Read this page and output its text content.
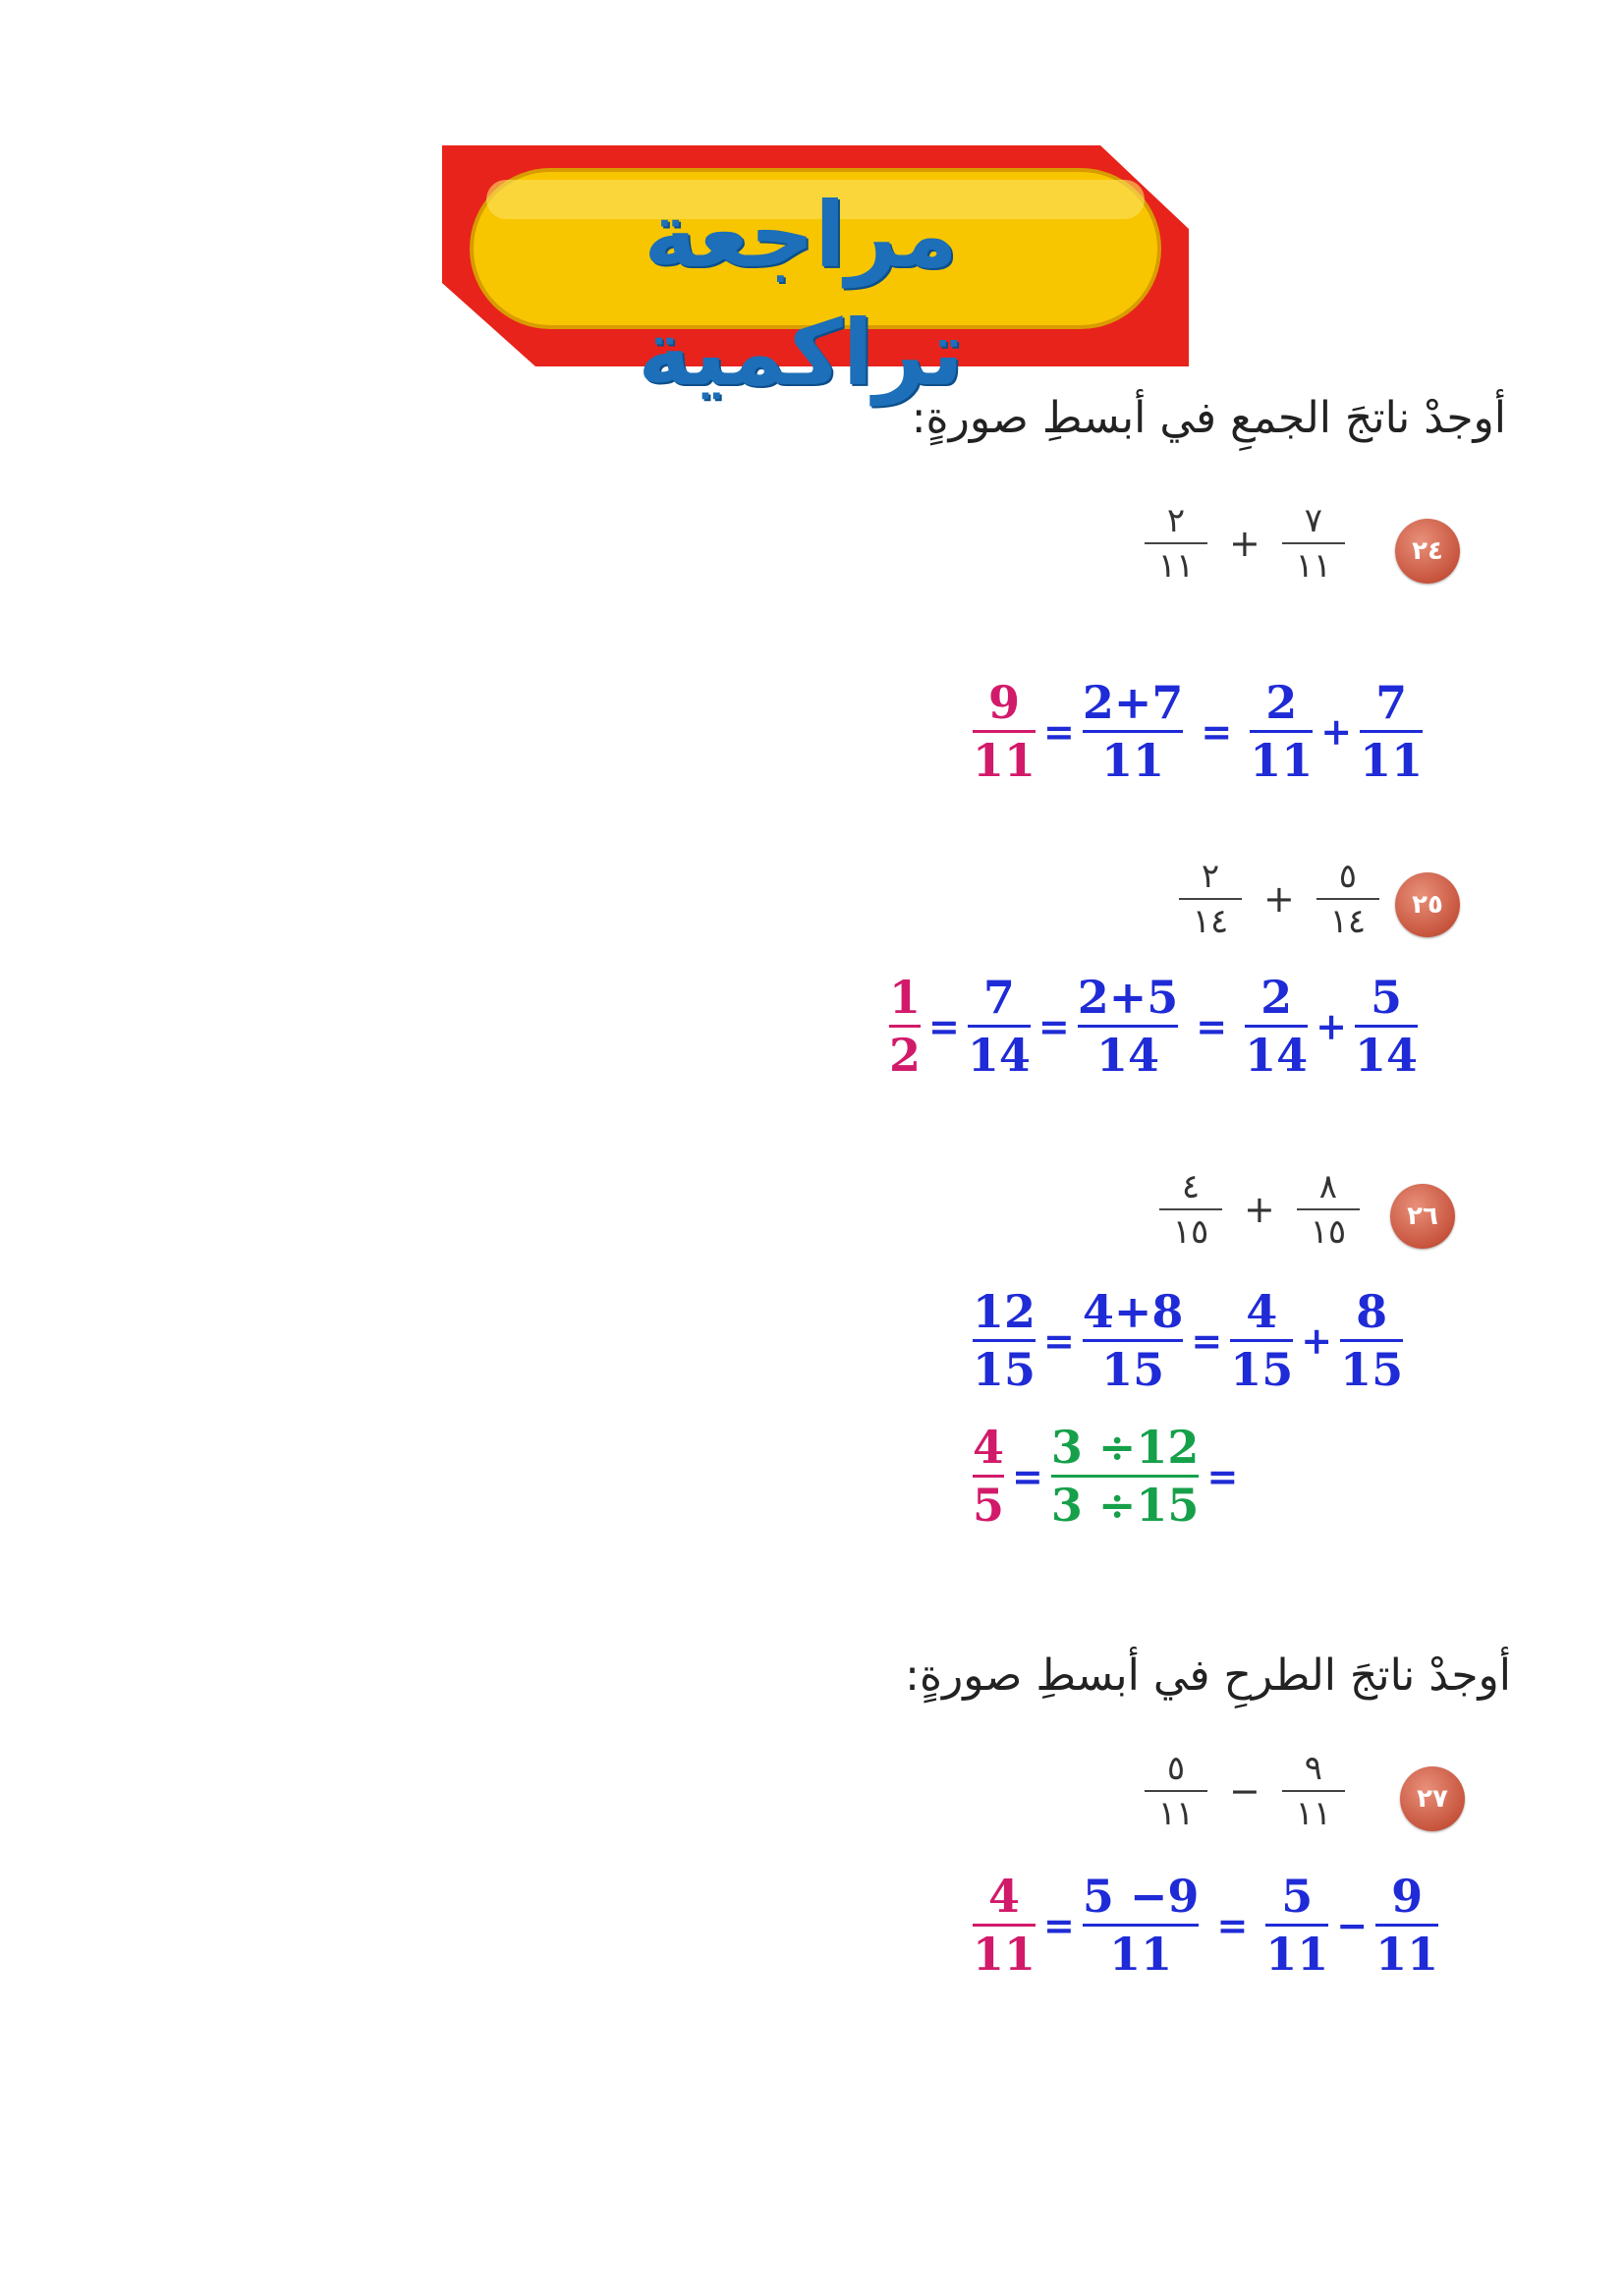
مراجعة تراكمية
أوجدْ ناتجَ الجمعِ في أبسطِ صورةٍ:
٢٤
٢
١١
+
٧
١١
$\frac{9}{11} = \frac{2+7}{11} = \frac{2}{11} + \frac{7}{11}$
٢٥
٢
١٤
+
٥
١٤
$\frac{1}{2} = \frac{7}{14} = \frac{2+5}{14} = \frac{2}{14} + \frac{5}{14}$
٢٦
٤
١٥
+
٨
١٥
$\frac{12}{15} = \frac{4+8}{15} = \frac{4}{15} + \frac{8}{15}$
$\frac{4}{5} = \frac{3 \div 12}{3 \div 15}$ =
أوجدْ ناتجَ الطرحِ في أبسطِ صورةٍ:
٢٧
٥
١١
−
٩
١١
$\frac{4}{11} = \frac{5 -9}{11} = \frac{5}{11} - \frac{9}{11}$
